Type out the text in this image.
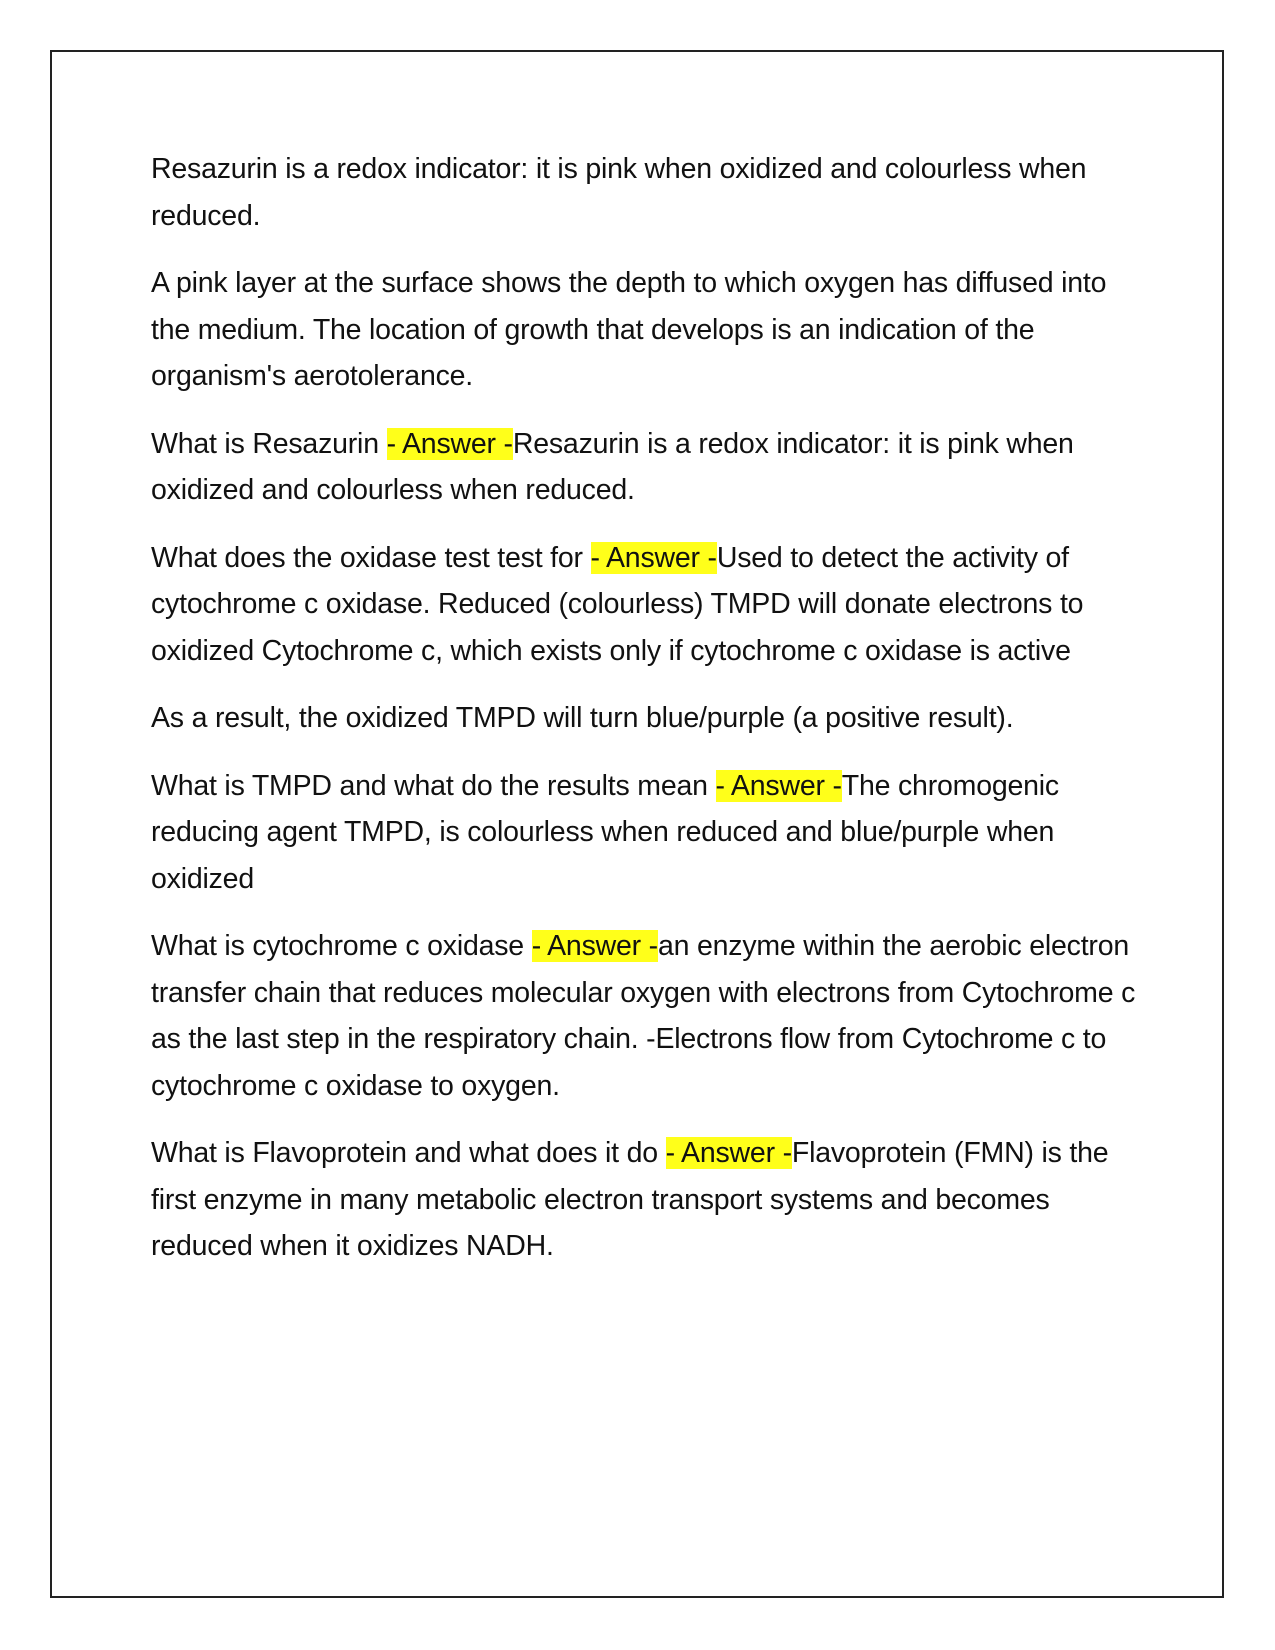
Resazurin is a redox indicator: it is pink when oxidized and colourless when reduced.

A pink layer at the surface shows the depth to which oxygen has diffused into the medium. The location of growth that develops is an indication of the organism's aerotolerance.

What is Resazurin - Answer -Resazurin is a redox indicator: it is pink when oxidized and colourless when reduced.

What does the oxidase test test for - Answer -Used to detect the activity of cytochrome c oxidase. Reduced (colourless) TMPD will donate electrons to oxidized Cytochrome c, which exists only if cytochrome c oxidase is active

As a result, the oxidized TMPD will turn blue/purple (a positive result).

What is TMPD and what do the results mean - Answer -The chromogenic reducing agent TMPD, is colourless when reduced and blue/purple when oxidized

What is cytochrome c oxidase - Answer -an enzyme within the aerobic electron transfer chain that reduces molecular oxygen with electrons from Cytochrome c as the last step in the respiratory chain. -Electrons flow from Cytochrome c to cytochrome c oxidase to oxygen.

What is Flavoprotein and what does it do - Answer -Flavoprotein (FMN) is the first enzyme in many metabolic electron transport systems and becomes reduced when it oxidizes NADH.
